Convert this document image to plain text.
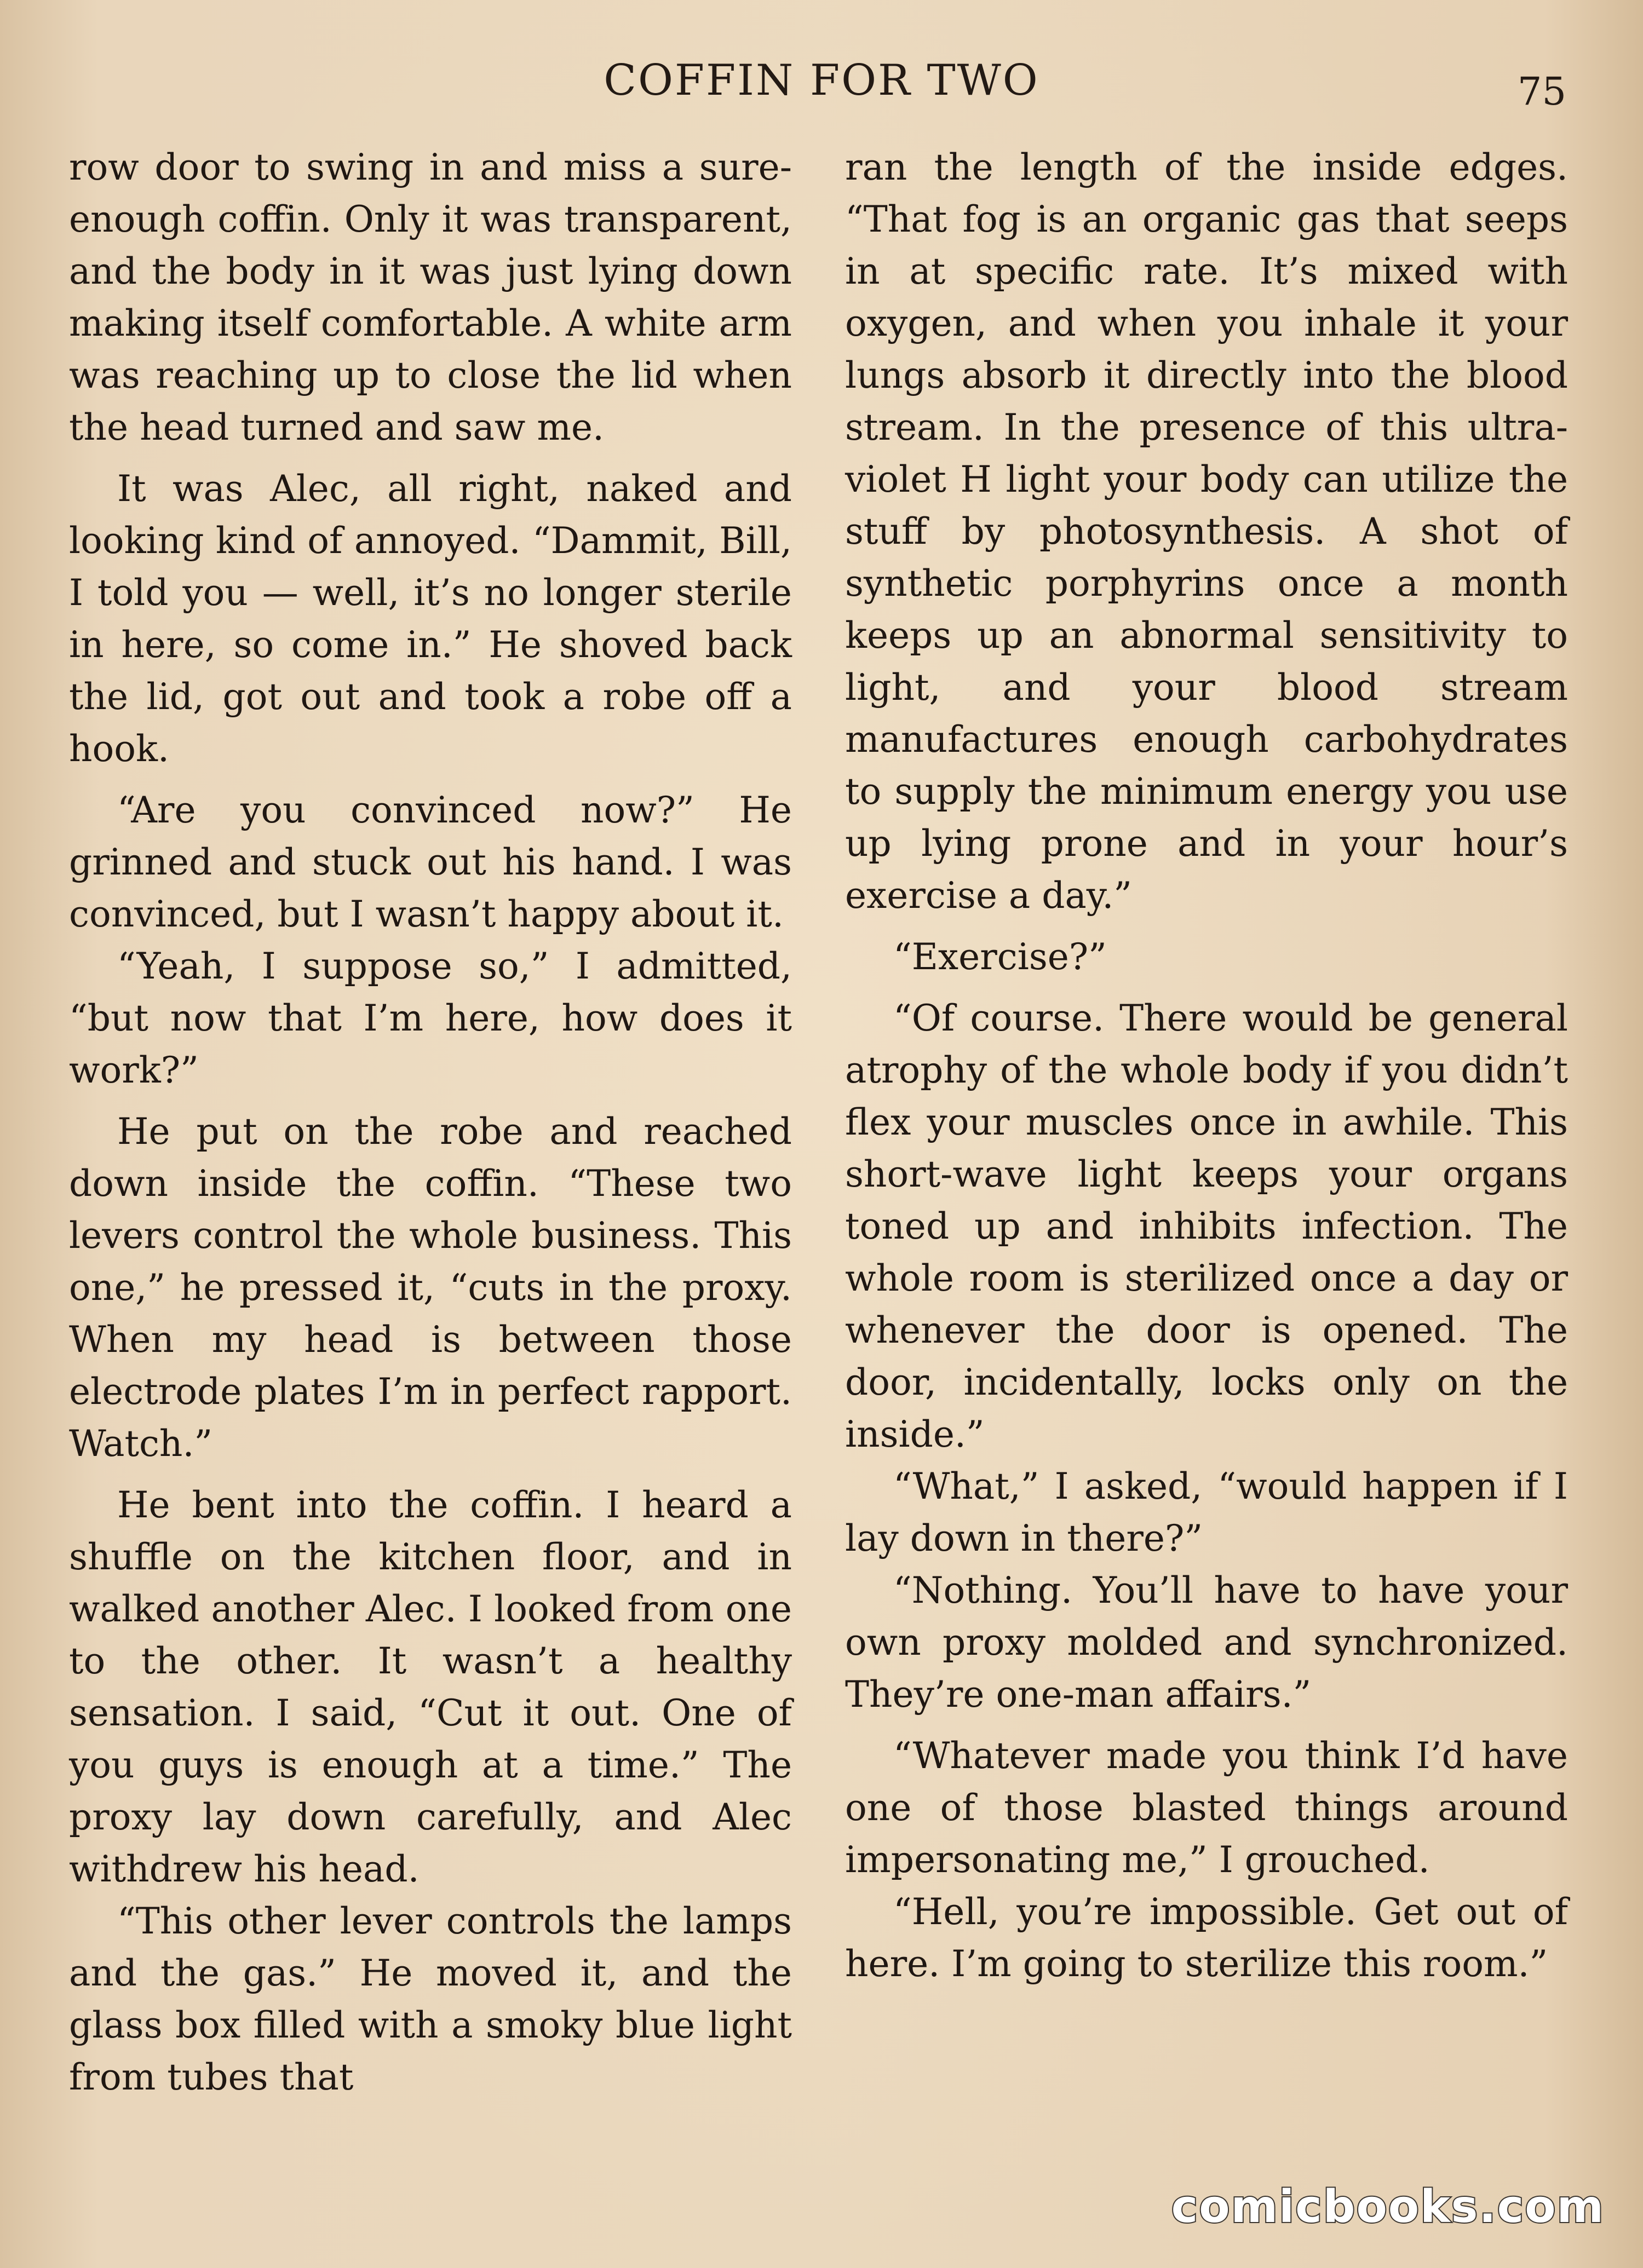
COFFIN FOR TWO	75

row door to swing in and miss a sure-enough coffin. Only it was transparent, and the body in it was just lying down making itself comfortable. A white arm was reaching up to close the lid when the head turned and saw me.

It was Alec, all right, naked and looking kind of annoyed. “Dammit, Bill, I told you — well, it’s no longer sterile in here, so come in.” He shoved back the lid, got out and took a robe off a hook.

“Are you convinced now?” He grinned and stuck out his hand. I was convinced, but I wasn’t happy about it.

“Yeah, I suppose so,” I admitted, “but now that I’m here, how does it work?”

He put on the robe and reached down inside the coffin. “These two levers control the whole business. This one,” he pressed it, “cuts in the proxy. When my head is between those electrode plates I’m in perfect rapport. Watch.”

He bent into the coffin. I heard a shuffle on the kitchen floor, and in walked another Alec. I looked from one to the other. It wasn’t a healthy sensation. I said, “Cut it out. One of you guys is enough at a time.” The proxy lay down carefully, and Alec withdrew his head.

“This other lever controls the lamps and the gas.” He moved it, and the glass box filled with a smoky blue light from tubes that

ran the length of the inside edges. “That fog is an organic gas that seeps in at specific rate. It’s mixed with oxygen, and when you inhale it your lungs absorb it directly into the blood stream. In the presence of this ultra-violet H light your body can utilize the stuff by photosynthesis. A shot of synthetic porphyrins once a month keeps up an abnormal sensitivity to light, and your blood stream manufactures enough carbohydrates to supply the minimum energy you use up lying prone and in your hour’s exercise a day.”

“Exercise?”

“Of course. There would be general atrophy of the whole body if you didn’t flex your muscles once in awhile. This short-wave light keeps your organs toned up and inhibits infection. The whole room is sterilized once a day or whenever the door is opened. The door, incidentally, locks only on the inside.”

“What,” I asked, “would happen if I lay down in there?”

“Nothing. You’ll have to have your own proxy molded and synchronized. They’re one-man affairs.”

“Whatever made you think I’d have one of those blasted things around impersonating me,” I grouched.

“Hell, you’re impossible. Get out of here. I’m going to sterilize this room.”

comicbooks.com
